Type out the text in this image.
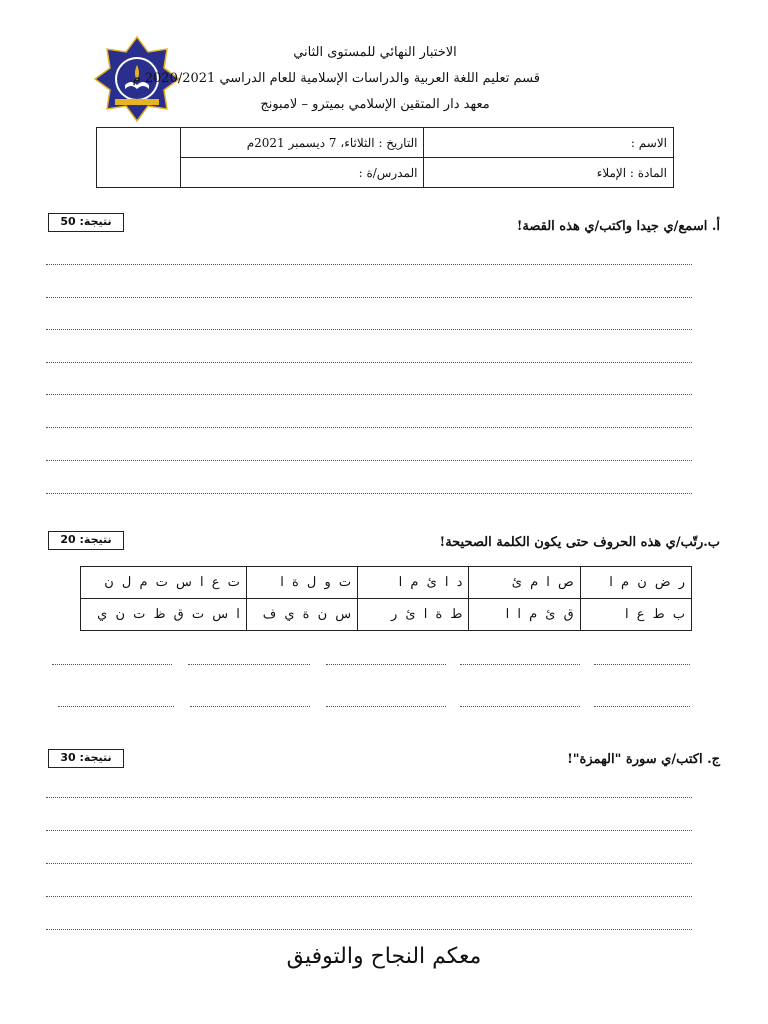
الاختبار النهائي للمستوى الثاني
قسم تعليم اللغة العربية والدراسات الإسلامية للعام الدراسي 2020/2021 م
معهد دار المتقين الإسلامي بميترو – لامبونج
الاسم :	التاريخ : الثلاثاء، 7 ديسمبر 2021م	
المادة : الإملاء	المدرس/ة :	
أ. اسمع/ي جيدا واكتب/ي هذه القصة!
نتيجة: 50
ب.رتّب/ي هذه الحروف حتى يكون الكلمة الصحيحة!
نتيجة: 20
ر ض ن م ا	ص ا م ئ	د ا ئ م ا	ت و ل ة ا	ت ع ا س ت م ل ن
ب ط ع ا	ق ئ م ا ا	ط ة ا ئ ر	س ن ة ي ف	ا س ت ق ظ ت ن ي
ج. اكتب/ي سورة "الهمزة"!
نتيجة: 30
معكم النجاح والتوفيق
